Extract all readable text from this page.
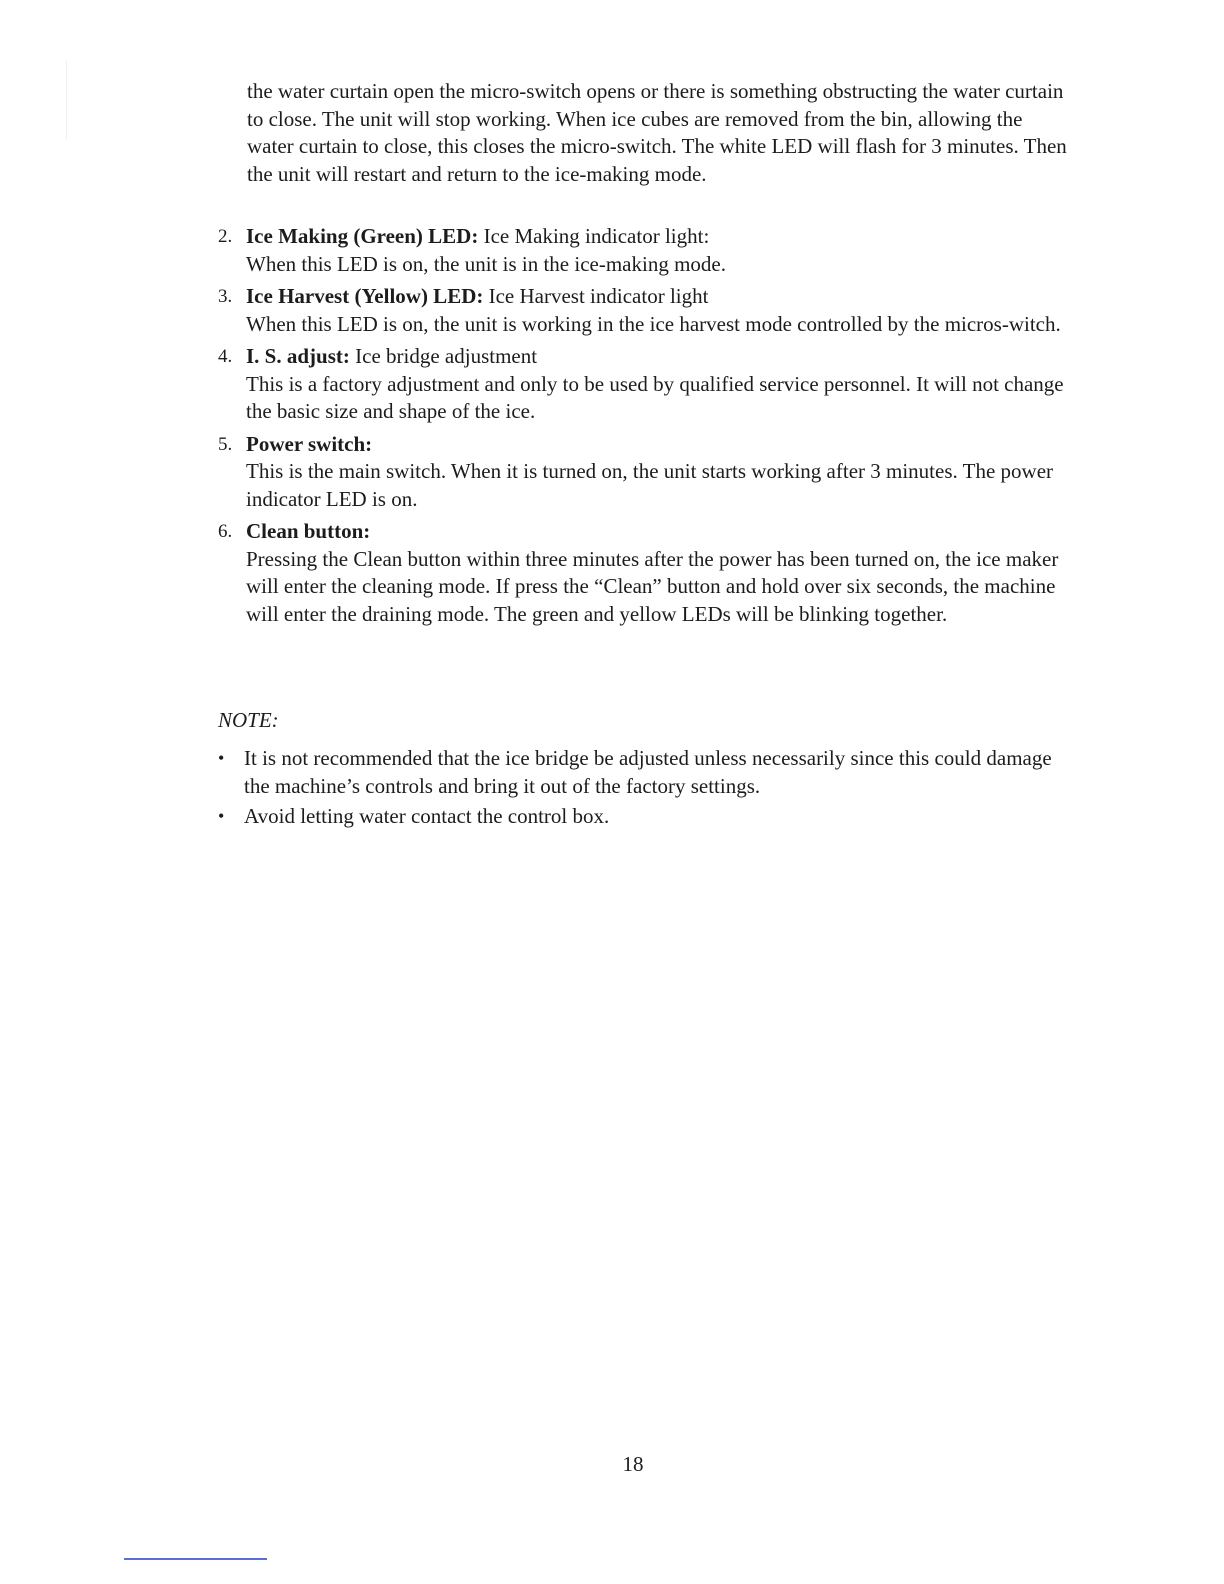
the water curtain open the micro-switch opens or there is something obstructing the water curtain to close. The unit will stop working. When ice cubes are removed from the bin, allowing the water curtain to close, this closes the micro-switch. The white LED will flash for 3 minutes. Then the unit will restart and return to the ice-making mode.

2. Ice Making (Green) LED: Ice Making indicator light:
When this LED is on, the unit is in the ice-making mode.
3. Ice Harvest (Yellow) LED: Ice Harvest indicator light
When this LED is on, the unit is working in the ice harvest mode controlled by the micros-witch.
4. I. S. adjust: Ice bridge adjustment
This is a factory adjustment and only to be used by qualified service personnel. It will not change the basic size and shape of the ice.
5. Power switch:
This is the main switch. When it is turned on, the unit starts working after 3 minutes. The power indicator LED is on.
6. Clean button:
Pressing the Clean button within three minutes after the power has been turned on, the ice maker will enter the cleaning mode. If press the “Clean” button and hold over six seconds, the machine will enter the draining mode. The green and yellow LEDs will be blinking together.
NOTE:
• It is not recommended that the ice bridge be adjusted unless necessarily since this could damage the machine’s controls and bring it out of the factory settings.
• Avoid letting water contact the control box.
18
